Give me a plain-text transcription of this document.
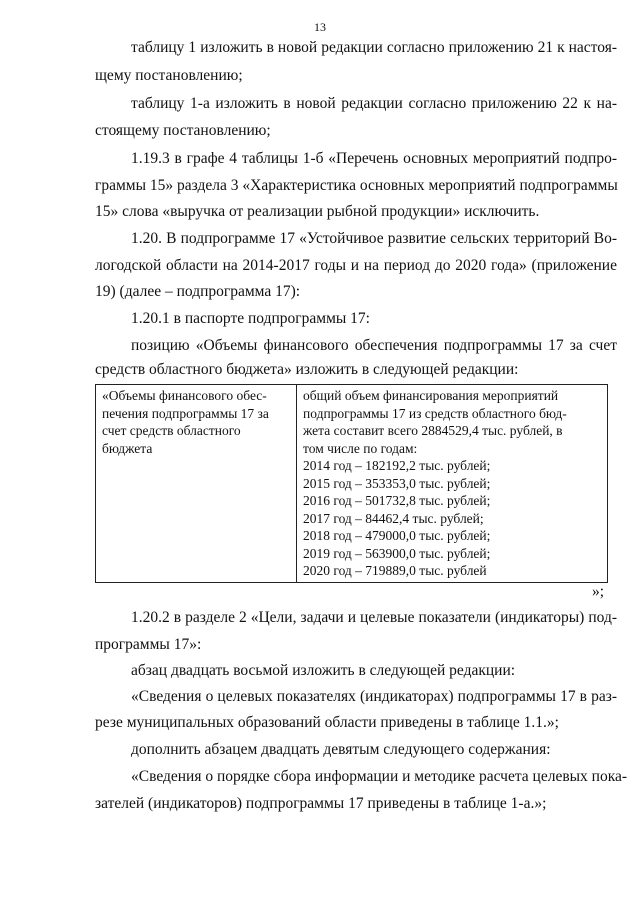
13
таблицу 1 изложить в новой редакции согласно приложению 21 к настоя-
щему постановлению;
таблицу 1-а изложить в новой редакции согласно приложению 22 к на-
стоящему постановлению;
1.19.3 в графе 4 таблицы 1-б «Перечень основных мероприятий подпро-
граммы 15» раздела 3 «Характеристика основных мероприятий подпрограммы
15» слова «выручка от реализации рыбной продукции» исключить.
1.20. В подпрограмме 17 «Устойчивое развитие сельских территорий Во-
логодской области на 2014-2017 годы и на период до 2020 года» (приложение
19) (далее – подпрограмма 17):
1.20.1 в паспорте подпрограммы 17:
позицию «Объемы финансового обеспечения подпрограммы 17 за счет
средств областного бюджета» изложить в следующей редакции:
«Объемы финансового обес-
печения подпрограммы 17 за
счет средств областного
бюджета

общий объем финансирования мероприятий
подпрограммы 17 из средств областного бюд-
жета составит всего 2884529,4 тыс. рублей, в
том числе по годам:
2014 год – 182192,2 тыс. рублей;
2015 год – 353353,0 тыс. рублей;
2016 год – 501732,8 тыс. рублей;
2017 год – 84462,4 тыс. рублей;
2018 год – 479000,0 тыс. рублей;
2019 год – 563900,0 тыс. рублей;
2020 год – 719889,0 тыс. рублей
»;
1.20.2 в разделе 2 «Цели, задачи и целевые показатели (индикаторы) под-
программы 17»:
абзац двадцать восьмой изложить в следующей редакции:
«Сведения о целевых показателях (индикаторах) подпрограммы 17 в раз-
резе муниципальных образований области приведены в таблице 1.1.»;
дополнить абзацем двадцать девятым следующего содержания:
«Сведения о порядке сбора информации и методике расчета целевых пока-
зателей (индикаторов) подпрограммы 17 приведены в таблице 1-а.»;
